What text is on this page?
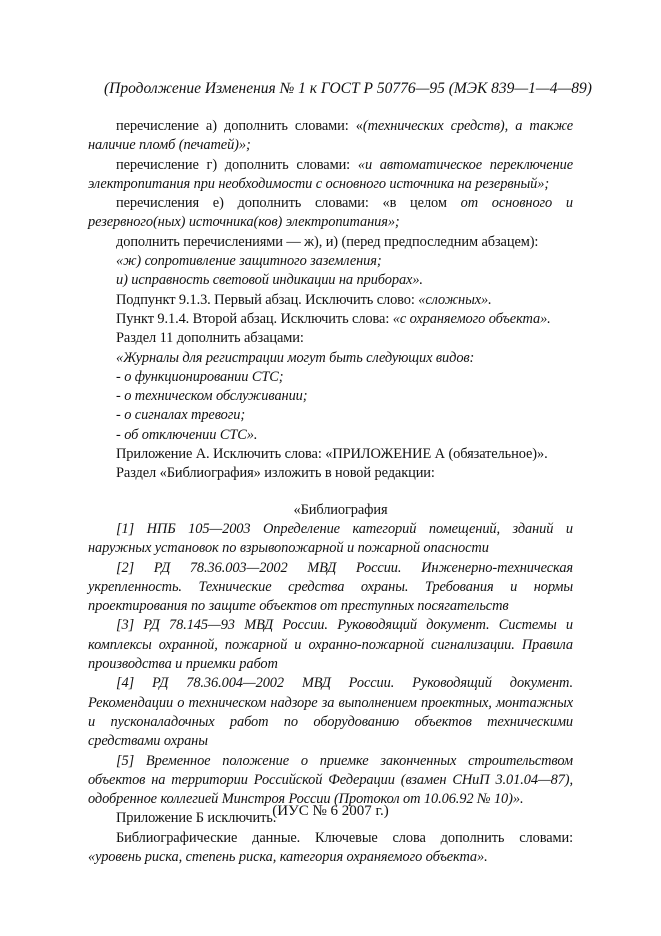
(Продолжение Изменения № 1 к ГОСТ Р 50776—95 (МЭК 839—1—4—89)

перечисление а) дополнить словами: «(технических средств), а также наличие пломб (печатей)»;

перечисление г) дополнить словами: «и автоматическое переключение электропитания при необходимости с основного источника на резервный»;

перечисления е) дополнить словами: «в целом от основного и резервного(ных) источника(ков) электропитания»;

дополнить перечислениями — ж), и) (перед предпоследним абзацем):

«ж) сопротивление защитного заземления;

и) исправность световой индикации на приборах».

Подпункт 9.1.3. Первый абзац. Исключить слово: «сложных».

Пункт 9.1.4. Второй абзац. Исключить слова: «с охраняемого объекта».

Раздел 11 дополнить абзацами:

«Журналы для регистрации могут быть следующих видов:

- о функционировании СТС;

- о техническом обслуживании;

- о сигналах тревоги;

- об отключении СТС».

Приложение А. Исключить слова: «ПРИЛОЖЕНИЕ А (обязательное)».

Раздел «Библиография» изложить в новой редакции:

«Библиография

[1] НПБ 105—2003 Определение категорий помещений, зданий и наружных установок по взрывопожарной и пожарной опасности

[2] РД 78.36.003—2002 МВД России. Инженерно-техническая укрепленность. Технические средства охраны. Требования и нормы проектирования по защите объектов от преступных посягательств

[3] РД 78.145—93 МВД России. Руководящий документ. Системы и комплексы охранной, пожарной и охранно-пожарной сигнализации. Правила производства и приемки работ

[4] РД 78.36.004—2002 МВД России. Руководящий документ. Рекомендации о техническом надзоре за выполнением проектных, монтажных и пусконаладочных работ по оборудованию объектов техническими средствами охраны

[5] Временное положение о приемке законченных строительством объектов на территории Российской Федерации (взамен СНиП 3.01.04—87), одобренное коллегией Минстроя России (Протокол от 10.06.92 № 10)».

Приложение Б исключить.

Библиографические данные. Ключевые слова дополнить словами: «уровень риска, степень риска, категория охраняемого объекта».

(ИУС № 6 2007 г.)
